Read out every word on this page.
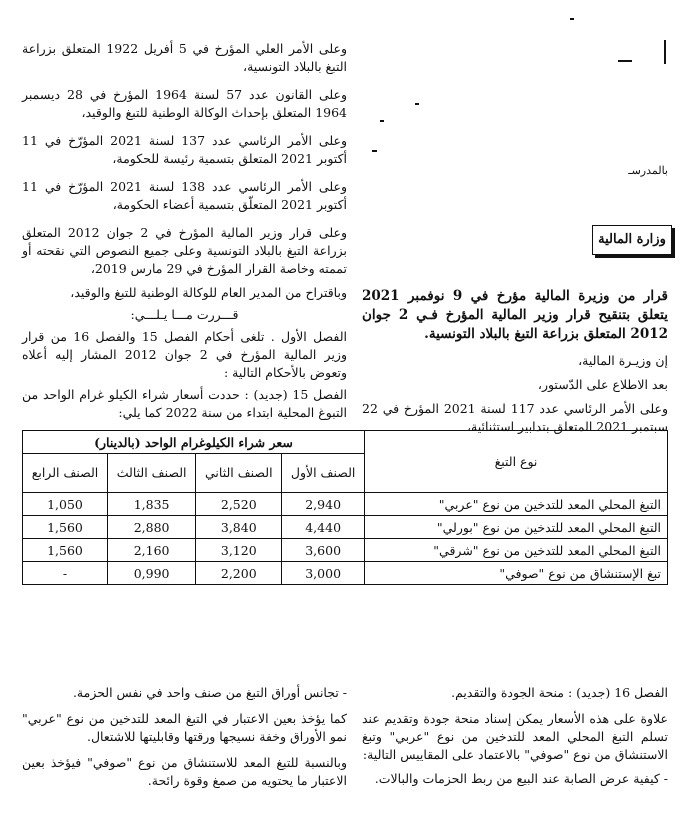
بالمدرسـ
وزارة المالية
قرار من وزيرة المالية مؤرخ في 9 نوفمبر 2021 يتعلق بتنقيح قرار وزير المالية المؤرخ فـي 2 جوان 2012 المتعلق بزراعة التبغ بالبلاد التونسية.

إن وزيـرة المالية،

بعد الاطلاع على الدّستور،

وعلى الأمر الرئاسي عدد 117 لسنة 2021 المؤرخ في 22 سبتمبر 2021 المتعلق بتدابير استثنائية،

وعلى الأمر العلي المؤرخ في 5 أفريل 1922 المتعلق بزراعة التبغ بالبلاد التونسية،

وعلى القانون عدد 57 لسنة 1964 المؤرخ في 28 ديسمبر 1964 المتعلق بإحداث الوكالة الوطنية للتبغ والوقيد،

وعلى الأمر الرئاسي عدد 137 لسنة 2021 المؤرّخ في 11 أكتوبر 2021 المتعلق بتسمية رئيسة للحكومة،

وعلى الأمر الرئاسي عدد 138 لسنة 2021 المؤرّخ في 11 أكتوبر 2021 المتعلّق بتسمية أعضاء الحكومة،

وعلى قرار وزير المالية المؤرخ في 2 جوان 2012 المتعلق بزراعة التبغ بالبلاد التونسية وعلى جميع النصوص التي نقحته أو تممته وخاصة القرار المؤرخ في 29 مارس 2019،

وباقتراح من المدير العام للوكالة الوطنية للتبغ والوقيد،

قـــررت مـــا يـلـــي:

الفصل الأول . تلغى أحكام الفصل 15 والفصل 16 من قرار وزير المالية المؤرخ في 2 جوان 2012 المشار إليه أعلاه وتعوض بالأحكام التالية :

الفصل 15 (جديد) : حددت أسعار شراء الكيلو غرام الواحد من التبوغ المحلية ابتداء من سنة 2022 كما يلي:

نوع التبغ	سعر شراء الكيلوغرام الواحد (بالدينار)			
	الصنف الأول	الصنف الثاني	الصنف الثالث	الصنف الرابع
التبغ المحلي المعد للتدخين من نوع "عربي"	2,940	2,520	1,835	1,050
التبغ المحلي المعد للتدخين من نوع "بورلي"	4,440	3,840	2,880	1,560
التبغ المحلي المعد للتدخين من نوع "شرقي"	3,600	3,120	2,160	1,560
تبغ الإستنشاق من نوع "صوفي"	3,000	2,200	0,990	-

الفصل 16 (جديد) : منحة الجودة والتقديم.

علاوة على هذه الأسعار يمكن إسناد منحة جودة وتقديم عند تسلم التبغ المحلي المعد للتدخين من نوع "عربي" وتبغ الاستنشاق من نوع "صوفي" بالاعتماد على المقاييس التالية:

- كيفية عرض الصابة عند البيع من ربط الحزمات والبالات.

- تجانس أوراق التبغ من صنف واحد في نفس الحزمة.

كما يؤخذ بعين الاعتبار في التبغ المعد للتدخين من نوع "عربي" نمو الأوراق وخفة نسيجها ورقتها وقابليتها للاشتعال.

وبالنسبة للتبغ المعد للاستنشاق من نوع "صوفي" فيؤخذ بعين الاعتبار ما يحتويه من صمغ وقوة رائحة.
